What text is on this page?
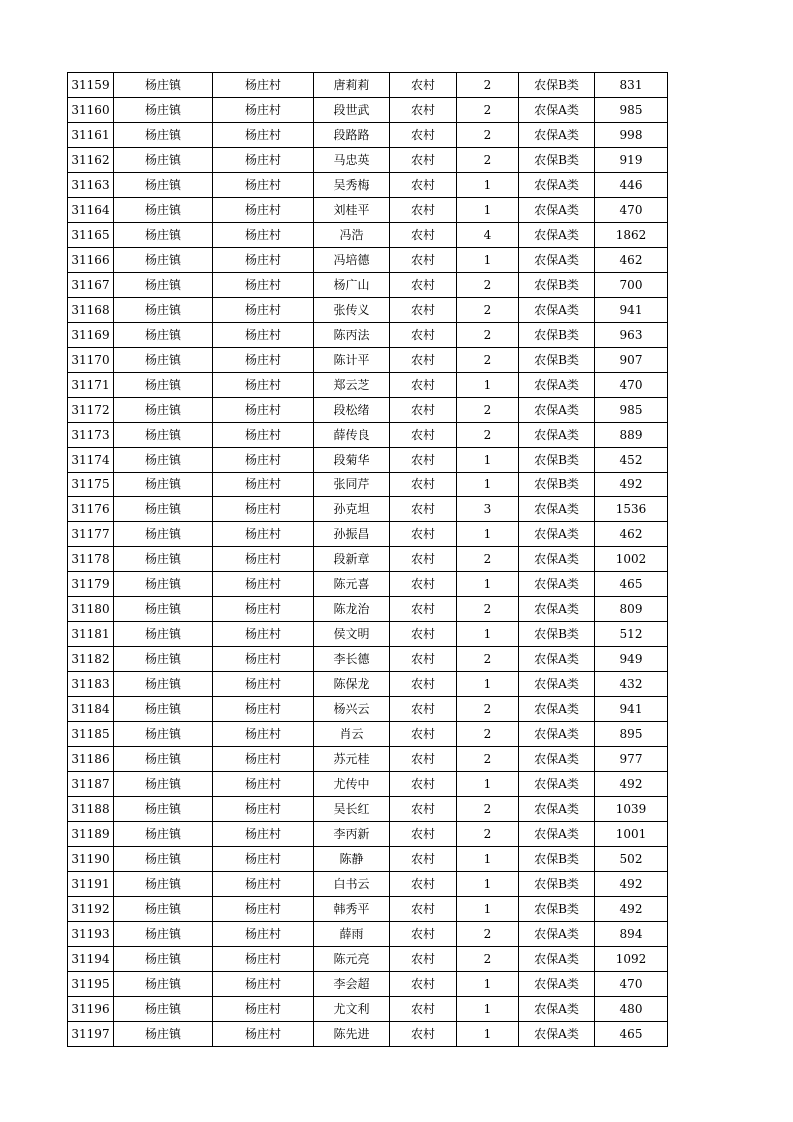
31159	杨庄镇	杨庄村	唐莉莉	农村	2	农保B类	831
31160	杨庄镇	杨庄村	段世武	农村	2	农保A类	985
31161	杨庄镇	杨庄村	段路路	农村	2	农保A类	998
31162	杨庄镇	杨庄村	马忠英	农村	2	农保B类	919
31163	杨庄镇	杨庄村	吴秀梅	农村	1	农保A类	446
31164	杨庄镇	杨庄村	刘桂平	农村	1	农保A类	470
31165	杨庄镇	杨庄村	冯浩	农村	4	农保A类	1862
31166	杨庄镇	杨庄村	冯培德	农村	1	农保A类	462
31167	杨庄镇	杨庄村	杨广山	农村	2	农保B类	700
31168	杨庄镇	杨庄村	张传义	农村	2	农保A类	941
31169	杨庄镇	杨庄村	陈丙法	农村	2	农保B类	963
31170	杨庄镇	杨庄村	陈计平	农村	2	农保B类	907
31171	杨庄镇	杨庄村	郑云芝	农村	1	农保A类	470
31172	杨庄镇	杨庄村	段松绪	农村	2	农保A类	985
31173	杨庄镇	杨庄村	薛传良	农村	2	农保A类	889
31174	杨庄镇	杨庄村	段菊华	农村	1	农保B类	452
31175	杨庄镇	杨庄村	张同芹	农村	1	农保B类	492
31176	杨庄镇	杨庄村	孙克坦	农村	3	农保A类	1536
31177	杨庄镇	杨庄村	孙振昌	农村	1	农保A类	462
31178	杨庄镇	杨庄村	段新章	农村	2	农保A类	1002
31179	杨庄镇	杨庄村	陈元喜	农村	1	农保A类	465
31180	杨庄镇	杨庄村	陈龙治	农村	2	农保A类	809
31181	杨庄镇	杨庄村	侯文明	农村	1	农保B类	512
31182	杨庄镇	杨庄村	李长德	农村	2	农保A类	949
31183	杨庄镇	杨庄村	陈保龙	农村	1	农保A类	432
31184	杨庄镇	杨庄村	杨兴云	农村	2	农保A类	941
31185	杨庄镇	杨庄村	肖云	农村	2	农保A类	895
31186	杨庄镇	杨庄村	苏元桂	农村	2	农保A类	977
31187	杨庄镇	杨庄村	尤传中	农村	1	农保A类	492
31188	杨庄镇	杨庄村	吴长红	农村	2	农保A类	1039
31189	杨庄镇	杨庄村	李丙新	农村	2	农保A类	1001
31190	杨庄镇	杨庄村	陈静	农村	1	农保B类	502
31191	杨庄镇	杨庄村	白书云	农村	1	农保B类	492
31192	杨庄镇	杨庄村	韩秀平	农村	1	农保B类	492
31193	杨庄镇	杨庄村	薛雨	农村	2	农保A类	894
31194	杨庄镇	杨庄村	陈元亮	农村	2	农保A类	1092
31195	杨庄镇	杨庄村	李会超	农村	1	农保A类	470
31196	杨庄镇	杨庄村	尤文利	农村	1	农保A类	480
31197	杨庄镇	杨庄村	陈先进	农村	1	农保A类	465
